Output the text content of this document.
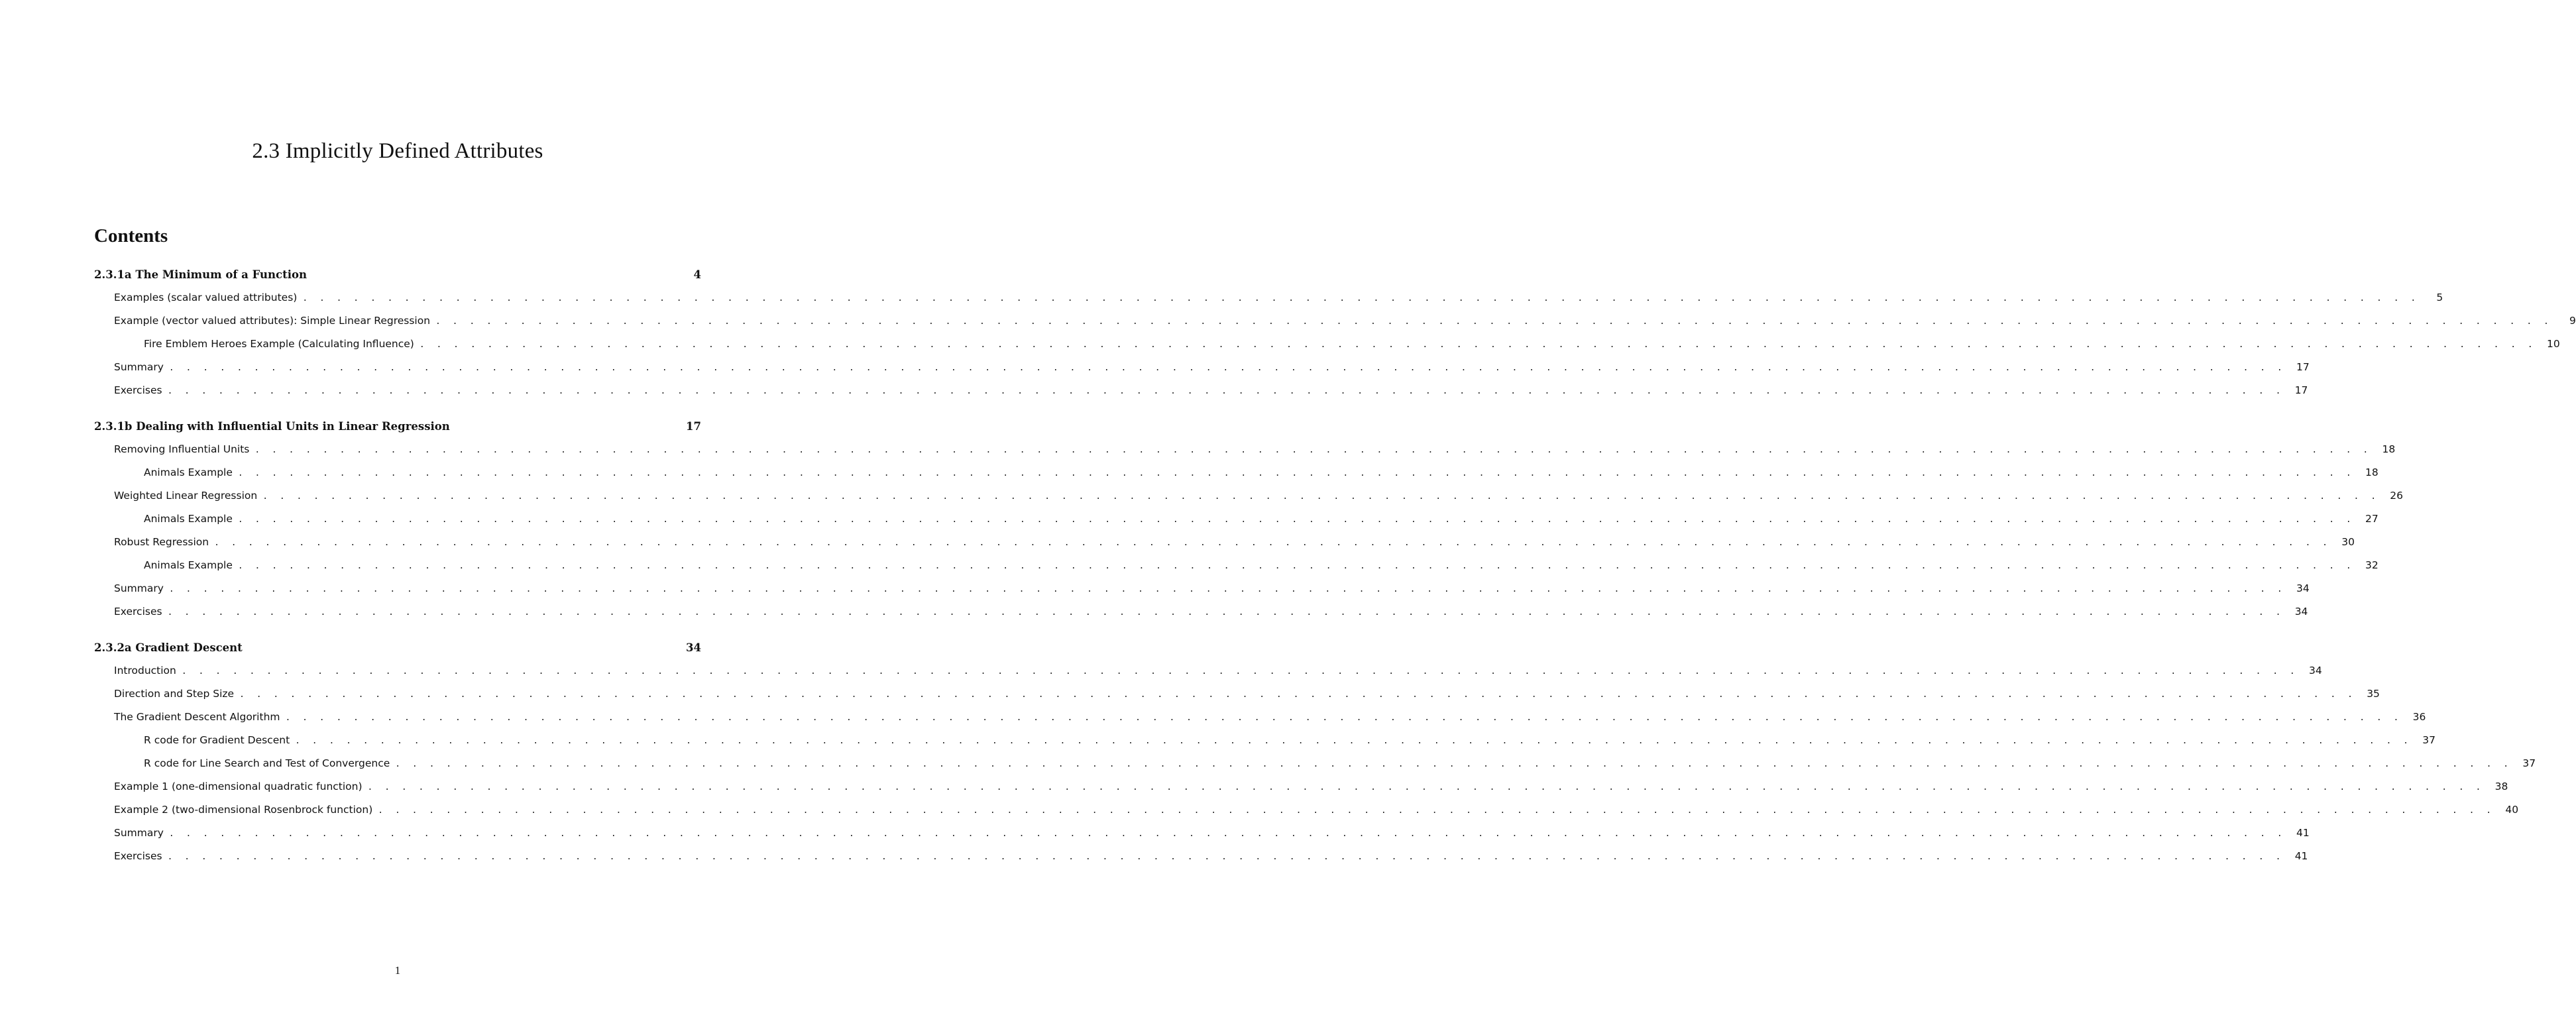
2.3 Implicitly Defined Attributes
Contents
2.3.1a The Minimum of a Function	4
Examples (scalar valued attributes) . . . . . . . . . . . . . . . . . . . . . . . . . . . . . . . . . . . . . . . . . . . . . . . . . . . . . . . . . . . . . . . . . . . . . . . . . . . . . . . . . . . . . . . . . . . . . . . . . . . . . . . . . . . . . . . . . . . . . . . . . . . . .	5
Example (vector valued attributes): Simple Linear Regression . . . . . . . . . . . . . . . . . . . . . . . . . . . . . . . . . . . . . . . . . . . . . . . . . . . . . . . . . . . . . . . . . . . . . . . . . . . . . . . . . . . . . . . . . . . . . . . . . . . . . . . . . . . . . . . . . . . . . . . . . . . . .	9
Fire Emblem Heroes Example (Calculating Influence) . . . . . . . . . . . . . . . . . . . . . . . . . . . . . . . . . . . . . . . . . . . . . . . . . . . . . . . . . . . . . . . . . . . . . . . . . . . . . . . . . . . . . . . . . . . . . . . . . . . . . . . . . . . . . . . . . . . . . . . . . . . . . 10
Summary . . . . . . . . . . . . . . . . . . . . . . . . . . . . . . . . . . . . . . . . . . . . . . . . . . . . . . . . . . . . . . . . . . . . . . . . . . . . . . . . . . . . . . . . . . . . . . . . . . . . . . . . . . . . . . . . . . . . . . . . . . . . . 17
Exercises . . . . . . . . . . . . . . . . . . . . . . . . . . . . . . . . . . . . . . . . . . . . . . . . . . . . . . . . . . . . . . . . . . . . . . . . . . . . . . . . . . . . . . . . . . . . . . . . . . . . . . . . . . . . . . . . . . . . . . . . . . . . . 17
2.3.1b Dealing with Influential Units in Linear Regression	17
Removing Influential Units . . . . . . . . . . . . . . . . . . . . . . . . . . . . . . . . . . . . . . . . . . . . . . . . . . . . . . . . . . . . . . . . . . . . . . . . . . . . . . . . . . . . . . . . . . . . . . . . . . . . . . . . . . . . . . . . . . . . . . . . . . . . . 18
Animals Example . . . . . . . . . . . . . . . . . . . . . . . . . . . . . . . . . . . . . . . . . . . . . . . . . . . . . . . . . . . . . . . . . . . . . . . . . . . . . . . . . . . . . . . . . . . . . . . . . . . . . . . . . . . . . . . . . . . . . . . . . . . . . 18
Weighted Linear Regression . . . . . . . . . . . . . . . . . . . . . . . . . . . . . . . . . . . . . . . . . . . . . . . . . . . . . . . . . . . . . . . . . . . . . . . . . . . . . . . . . . . . . . . . . . . . . . . . . . . . . . . . . . . . . . . . . . . . . . . . . . . . . 26
Animals Example . . . . . . . . . . . . . . . . . . . . . . . . . . . . . . . . . . . . . . . . . . . . . . . . . . . . . . . . . . . . . . . . . . . . . . . . . . . . . . . . . . . . . . . . . . . . . . . . . . . . . . . . . . . . . . . . . . . . . . . . . . . . . 27
Robust Regression . . . . . . . . . . . . . . . . . . . . . . . . . . . . . . . . . . . . . . . . . . . . . . . . . . . . . . . . . . . . . . . . . . . . . . . . . . . . . . . . . . . . . . . . . . . . . . . . . . . . . . . . . . . . . . . . . . . . . . . . . . . . . 30
Animals Example . . . . . . . . . . . . . . . . . . . . . . . . . . . . . . . . . . . . . . . . . . . . . . . . . . . . . . . . . . . . . . . . . . . . . . . . . . . . . . . . . . . . . . . . . . . . . . . . . . . . . . . . . . . . . . . . . . . . . . . . . . . . . 32
Summary . . . . . . . . . . . . . . . . . . . . . . . . . . . . . . . . . . . . . . . . . . . . . . . . . . . . . . . . . . . . . . . . . . . . . . . . . . . . . . . . . . . . . . . . . . . . . . . . . . . . . . . . . . . . . . . . . . . . . . . . . . . . . 34
Exercises . . . . . . . . . . . . . . . . . . . . . . . . . . . . . . . . . . . . . . . . . . . . . . . . . . . . . . . . . . . . . . . . . . . . . . . . . . . . . . . . . . . . . . . . . . . . . . . . . . . . . . . . . . . . . . . . . . . . . . . . . . . . . 34
2.3.2a Gradient Descent	34
Introduction . . . . . . . . . . . . . . . . . . . . . . . . . . . . . . . . . . . . . . . . . . . . . . . . . . . . . . . . . . . . . . . . . . . . . . . . . . . . . . . . . . . . . . . . . . . . . . . . . . . . . . . . . . . . . . . . . . . . . . . . . . . . . 34
Direction and Step Size . . . . . . . . . . . . . . . . . . . . . . . . . . . . . . . . . . . . . . . . . . . . . . . . . . . . . . . . . . . . . . . . . . . . . . . . . . . . . . . . . . . . . . . . . . . . . . . . . . . . . . . . . . . . . . . . . . . . . . . . . . . . . 35
The Gradient Descent Algorithm . . . . . . . . . . . . . . . . . . . . . . . . . . . . . . . . . . . . . . . . . . . . . . . . . . . . . . . . . . . . . . . . . . . . . . . . . . . . . . . . . . . . . . . . . . . . . . . . . . . . . . . . . . . . . . . . . . . . . . . . . . . . . 36
R code for Gradient Descent . . . . . . . . . . . . . . . . . . . . . . . . . . . . . . . . . . . . . . . . . . . . . . . . . . . . . . . . . . . . . . . . . . . . . . . . . . . . . . . . . . . . . . . . . . . . . . . . . . . . . . . . . . . . . . . . . . . . . . . . . . . . . 37
R code for Line Search and Test of Convergence . . . . . . . . . . . . . . . . . . . . . . . . . . . . . . . . . . . . . . . . . . . . . . . . . . . . . . . . . . . . . . . . . . . . . . . . . . . . . . . . . . . . . . . . . . . . . . . . . . . . . . . . . . . . . . . . . . . . . . . . . . . . . 37
Example 1 (one-dimensional quadratic function) . . . . . . . . . . . . . . . . . . . . . . . . . . . . . . . . . . . . . . . . . . . . . . . . . . . . . . . . . . . . . . . . . . . . . . . . . . . . . . . . . . . . . . . . . . . . . . . . . . . . . . . . . . . . . . . . . . . . . . . . . . . . . 38
Example 2 (two-dimensional Rosenbrock function) . . . . . . . . . . . . . . . . . . . . . . . . . . . . . . . . . . . . . . . . . . . . . . . . . . . . . . . . . . . . . . . . . . . . . . . . . . . . . . . . . . . . . . . . . . . . . . . . . . . . . . . . . . . . . . . . . . . . . . . . . . . . . 40
Summary . . . . . . . . . . . . . . . . . . . . . . . . . . . . . . . . . . . . . . . . . . . . . . . . . . . . . . . . . . . . . . . . . . . . . . . . . . . . . . . . . . . . . . . . . . . . . . . . . . . . . . . . . . . . . . . . . . . . . . . . . . . . . 41
Exercises . . . . . . . . . . . . . . . . . . . . . . . . . . . . . . . . . . . . . . . . . . . . . . . . . . . . . . . . . . . . . . . . . . . . . . . . . . . . . . . . . . . . . . . . . . . . . . . . . . . . . . . . . . . . . . . . . . . . . . . . . . . . . 41
1
